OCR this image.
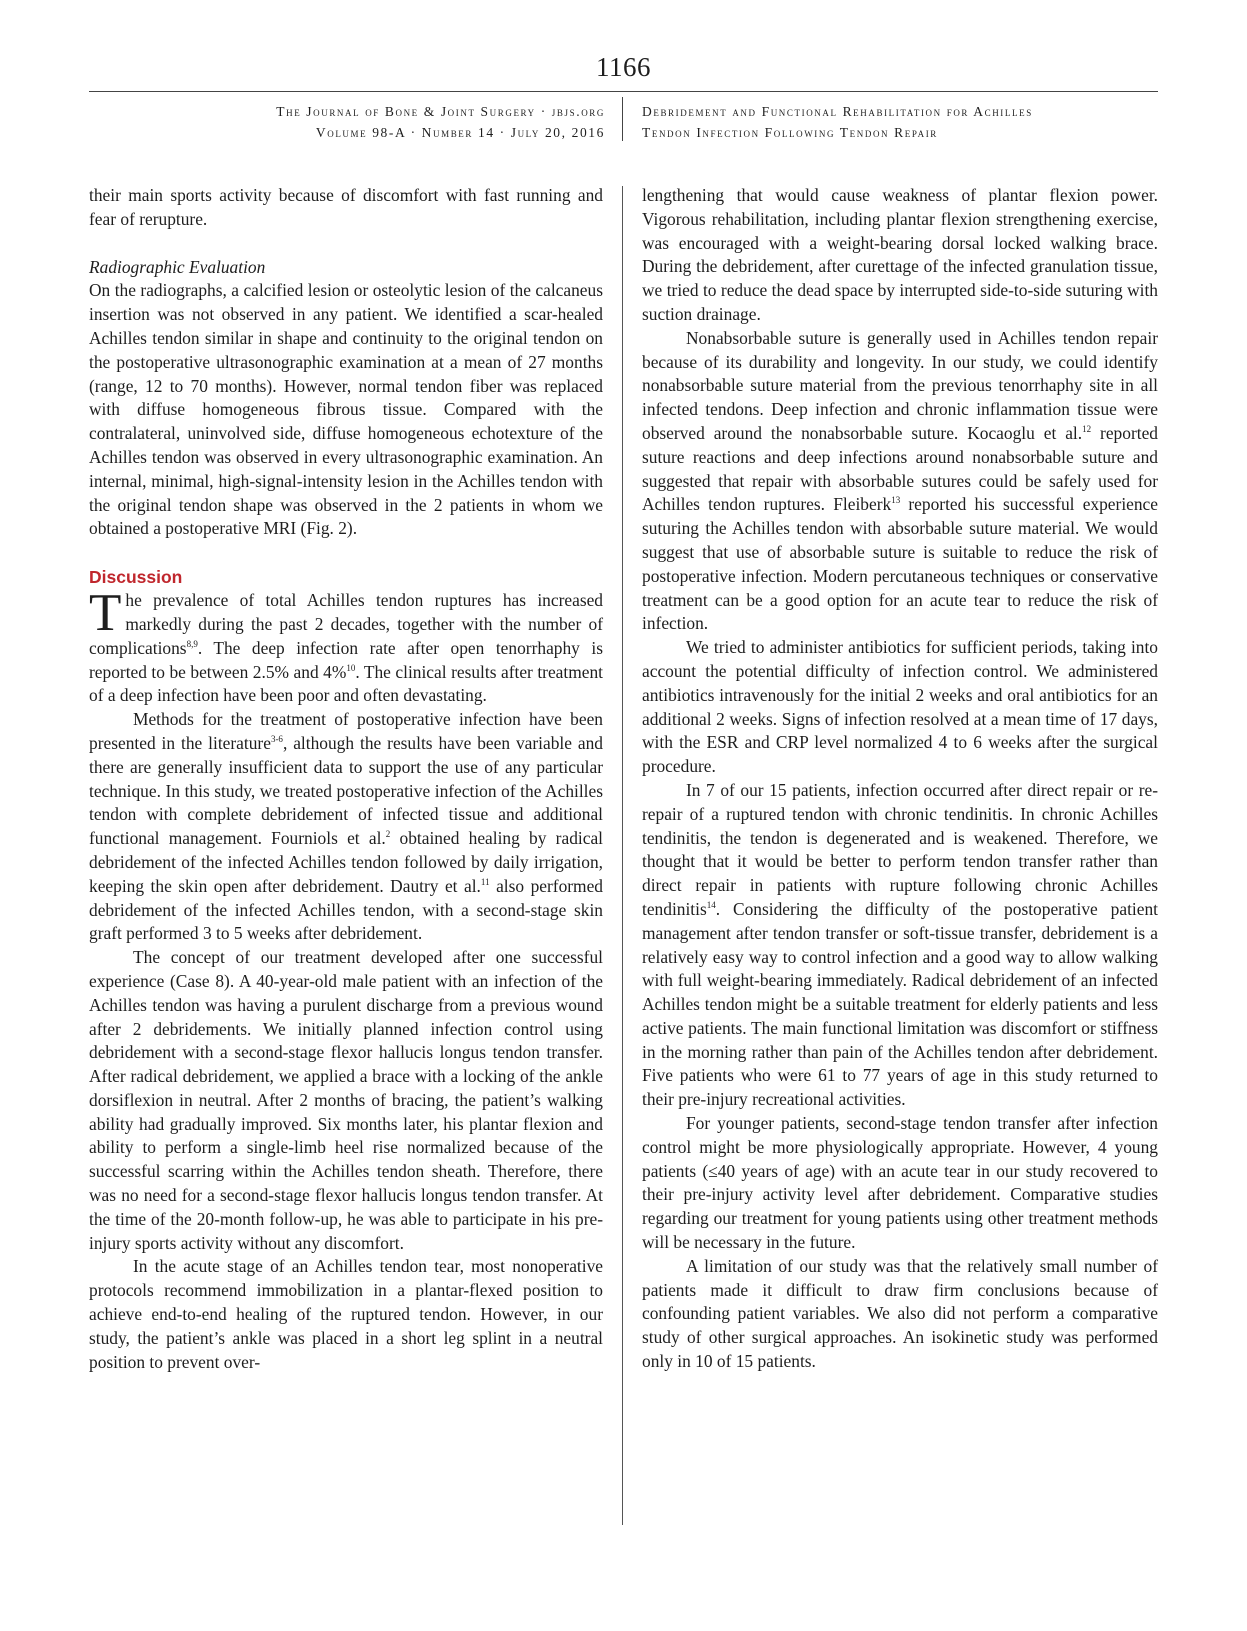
1166
The Journal of Bone & Joint Surgery · jbjs.org
Volume 98-A · Number 14 · July 20, 2016
Debridement and Functional Rehabilitation for Achilles
Tendon Infection Following Tendon Repair

their main sports activity because of discomfort with fast running and fear of rerupture.

Radiographic Evaluation

On the radiographs, a calcified lesion or osteolytic lesion of the calcaneus insertion was not observed in any patient. We identified a scar-healed Achilles tendon similar in shape and continuity to the original tendon on the postoperative ultrasonographic examination at a mean of 27 months (range, 12 to 70 months). However, normal tendon fiber was replaced with diffuse homogeneous fibrous tissue. Compared with the contralateral, uninvolved side, diffuse homogeneous echotexture of the Achilles tendon was observed in every ultrasonographic examination. An internal, minimal, high-signal-intensity lesion in the Achilles tendon with the original tendon shape was observed in the 2 patients in whom we obtained a postoperative MRI (Fig. 2).

Discussion

The prevalence of total Achilles tendon ruptures has increased markedly during the past 2 decades, together with the number of complications$^{8,9}$. The deep infection rate after open tenorrhaphy is reported to be between 2.5% and 4%$^{10}$. The clinical results after treatment of a deep infection have been poor and often devastating.

Methods for the treatment of postoperative infection have been presented in the literature$^{3-6}$, although the results have been variable and there are generally insufficient data to support the use of any particular technique. In this study, we treated postoperative infection of the Achilles tendon with complete debridement of infected tissue and additional functional management. Fourniols et al.$^2$ obtained healing by radical debridement of the infected Achilles tendon followed by daily irrigation, keeping the skin open after debridement. Dautry et al.$^{11}$ also performed debridement of the infected Achilles tendon, with a second-stage skin graft performed 3 to 5 weeks after debridement.

The concept of our treatment developed after one successful experience (Case 8). A 40-year-old male patient with an infection of the Achilles tendon was having a purulent discharge from a previous wound after 2 debridements. We initially planned infection control using debridement with a second-stage flexor hallucis longus tendon transfer. After radical debridement, we applied a brace with a locking of the ankle dorsiflexion in neutral. After 2 months of bracing, the patient’s walking ability had gradually improved. Six months later, his plantar flexion and ability to perform a single-limb heel rise normalized because of the successful scarring within the Achilles tendon sheath. Therefore, there was no need for a second-stage flexor hallucis longus tendon transfer. At the time of the 20-month follow-up, he was able to participate in his pre-injury sports activity without any discomfort.

In the acute stage of an Achilles tendon tear, most nonoperative protocols recommend immobilization in a plantar-flexed position to achieve end-to-end healing of the ruptured tendon. However, in our study, the patient’s ankle was placed in a short leg splint in a neutral position to prevent over-

lengthening that would cause weakness of plantar flexion power. Vigorous rehabilitation, including plantar flexion strengthening exercise, was encouraged with a weight-bearing dorsal locked walking brace. During the debridement, after curettage of the infected granulation tissue, we tried to reduce the dead space by interrupted side-to-side suturing with suction drainage.

Nonabsorbable suture is generally used in Achilles tendon repair because of its durability and longevity. In our study, we could identify nonabsorbable suture material from the previous tenorrhaphy site in all infected tendons. Deep infection and chronic inflammation tissue were observed around the nonabsorbable suture. Kocaoglu et al.$^{12}$ reported suture reactions and deep infections around nonabsorbable suture and suggested that repair with absorbable sutures could be safely used for Achilles tendon ruptures. Fleiberk$^{13}$ reported his successful experience suturing the Achilles tendon with absorbable suture material. We would suggest that use of absorbable suture is suitable to reduce the risk of postoperative infection. Modern percutaneous techniques or conservative treatment can be a good option for an acute tear to reduce the risk of infection.

We tried to administer antibiotics for sufficient periods, taking into account the potential difficulty of infection control. We administered antibiotics intravenously for the initial 2 weeks and oral antibiotics for an additional 2 weeks. Signs of infection resolved at a mean time of 17 days, with the ESR and CRP level normalized 4 to 6 weeks after the surgical procedure.

In 7 of our 15 patients, infection occurred after direct repair or re-repair of a ruptured tendon with chronic tendinitis. In chronic Achilles tendinitis, the tendon is degenerated and is weakened. Therefore, we thought that it would be better to perform tendon transfer rather than direct repair in patients with rupture following chronic Achilles tendinitis$^{14}$. Considering the difficulty of the postoperative patient management after tendon transfer or soft-tissue transfer, debridement is a relatively easy way to control infection and a good way to allow walking with full weight-bearing immediately. Radical debridement of an infected Achilles tendon might be a suitable treatment for elderly patients and less active patients. The main functional limitation was discomfort or stiffness in the morning rather than pain of the Achilles tendon after debridement. Five patients who were 61 to 77 years of age in this study returned to their pre-injury recreational activities.

For younger patients, second-stage tendon transfer after infection control might be more physiologically appropriate. However, 4 young patients (≤40 years of age) with an acute tear in our study recovered to their pre-injury activity level after debridement. Comparative studies regarding our treatment for young patients using other treatment methods will be necessary in the future.

A limitation of our study was that the relatively small number of patients made it difficult to draw firm conclusions because of confounding patient variables. We also did not perform a comparative study of other surgical approaches. An isokinetic study was performed only in 10 of 15 patients.
